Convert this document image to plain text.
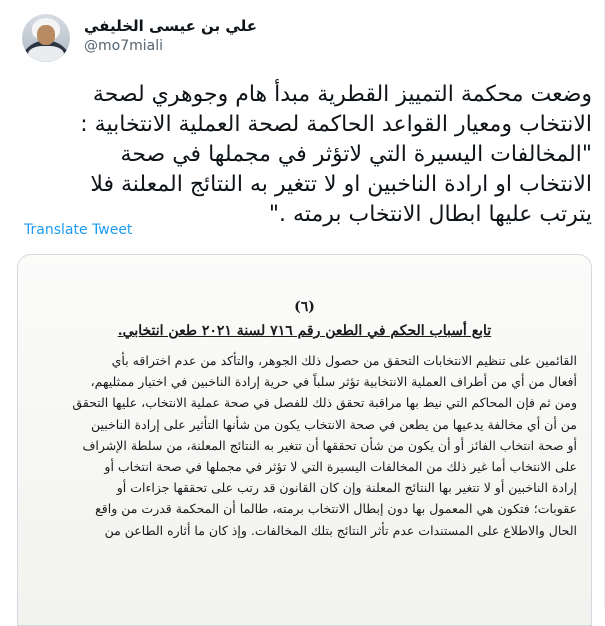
علي بن عيسى الخليفي
@mo7miali
وضعت محكمة التمييز القطرية مبدأ هام وجوهري لصحة
الانتخاب ومعيار القواعد الحاكمة لصحة العملية الانتخابية :
"المخالفات اليسيرة التي لاتؤثر في مجملها في صحة
الانتخاب او ارادة الناخبين او لا تتغير به النتائج المعلنة فلا
يترتب عليها ابطال الانتخاب برمته ."
Translate Tweet
(٦)
تابع أسباب الحكم في الطعن رقم ٧١٦ لسنة ٢٠٢١ طعن انتخابي.
القائمين على تنظيم الانتخابات التحقق من حصول ذلك الجوهر، والتأكد من عدم اختراقه بأي
أفعال من أي من أطراف العملية الانتخابية تؤثر سلباً في حرية إرادة الناخبين في اختيار ممثليهم،
ومن ثم فإن المحاكم التي نيط بها مراقبة تحقق ذلك للفصل في صحة عملية الانتخاب، عليها التحقق
من أن أي مخالفة يدعيها من يطعن في صحة الانتخاب يكون من شأنها التأثير على إرادة الناخبين
أو صحة انتخاب الفائز أو أن يكون من شأن تحققها أن تتغير به النتائج المعلنة، من سلطة الإشراف
على الانتخاب أما غير ذلك من المخالفات اليسيرة التي لا تؤثر في مجملها في صحة انتخاب أو
إرادة الناخبين أو لا تتغير بها النتائج المعلنة وإن كان القانون قد رتب على تحققها جزاءات أو
عقوبات؛ فتكون هي المعمول بها دون إبطال الانتخاب برمته، طالما أن المحكمة قدرت من واقع
الحال والاطلاع على المستندات عدم تأثر النتائج بتلك المخالفات. وإذ كان ما أثاره الطاعن من
